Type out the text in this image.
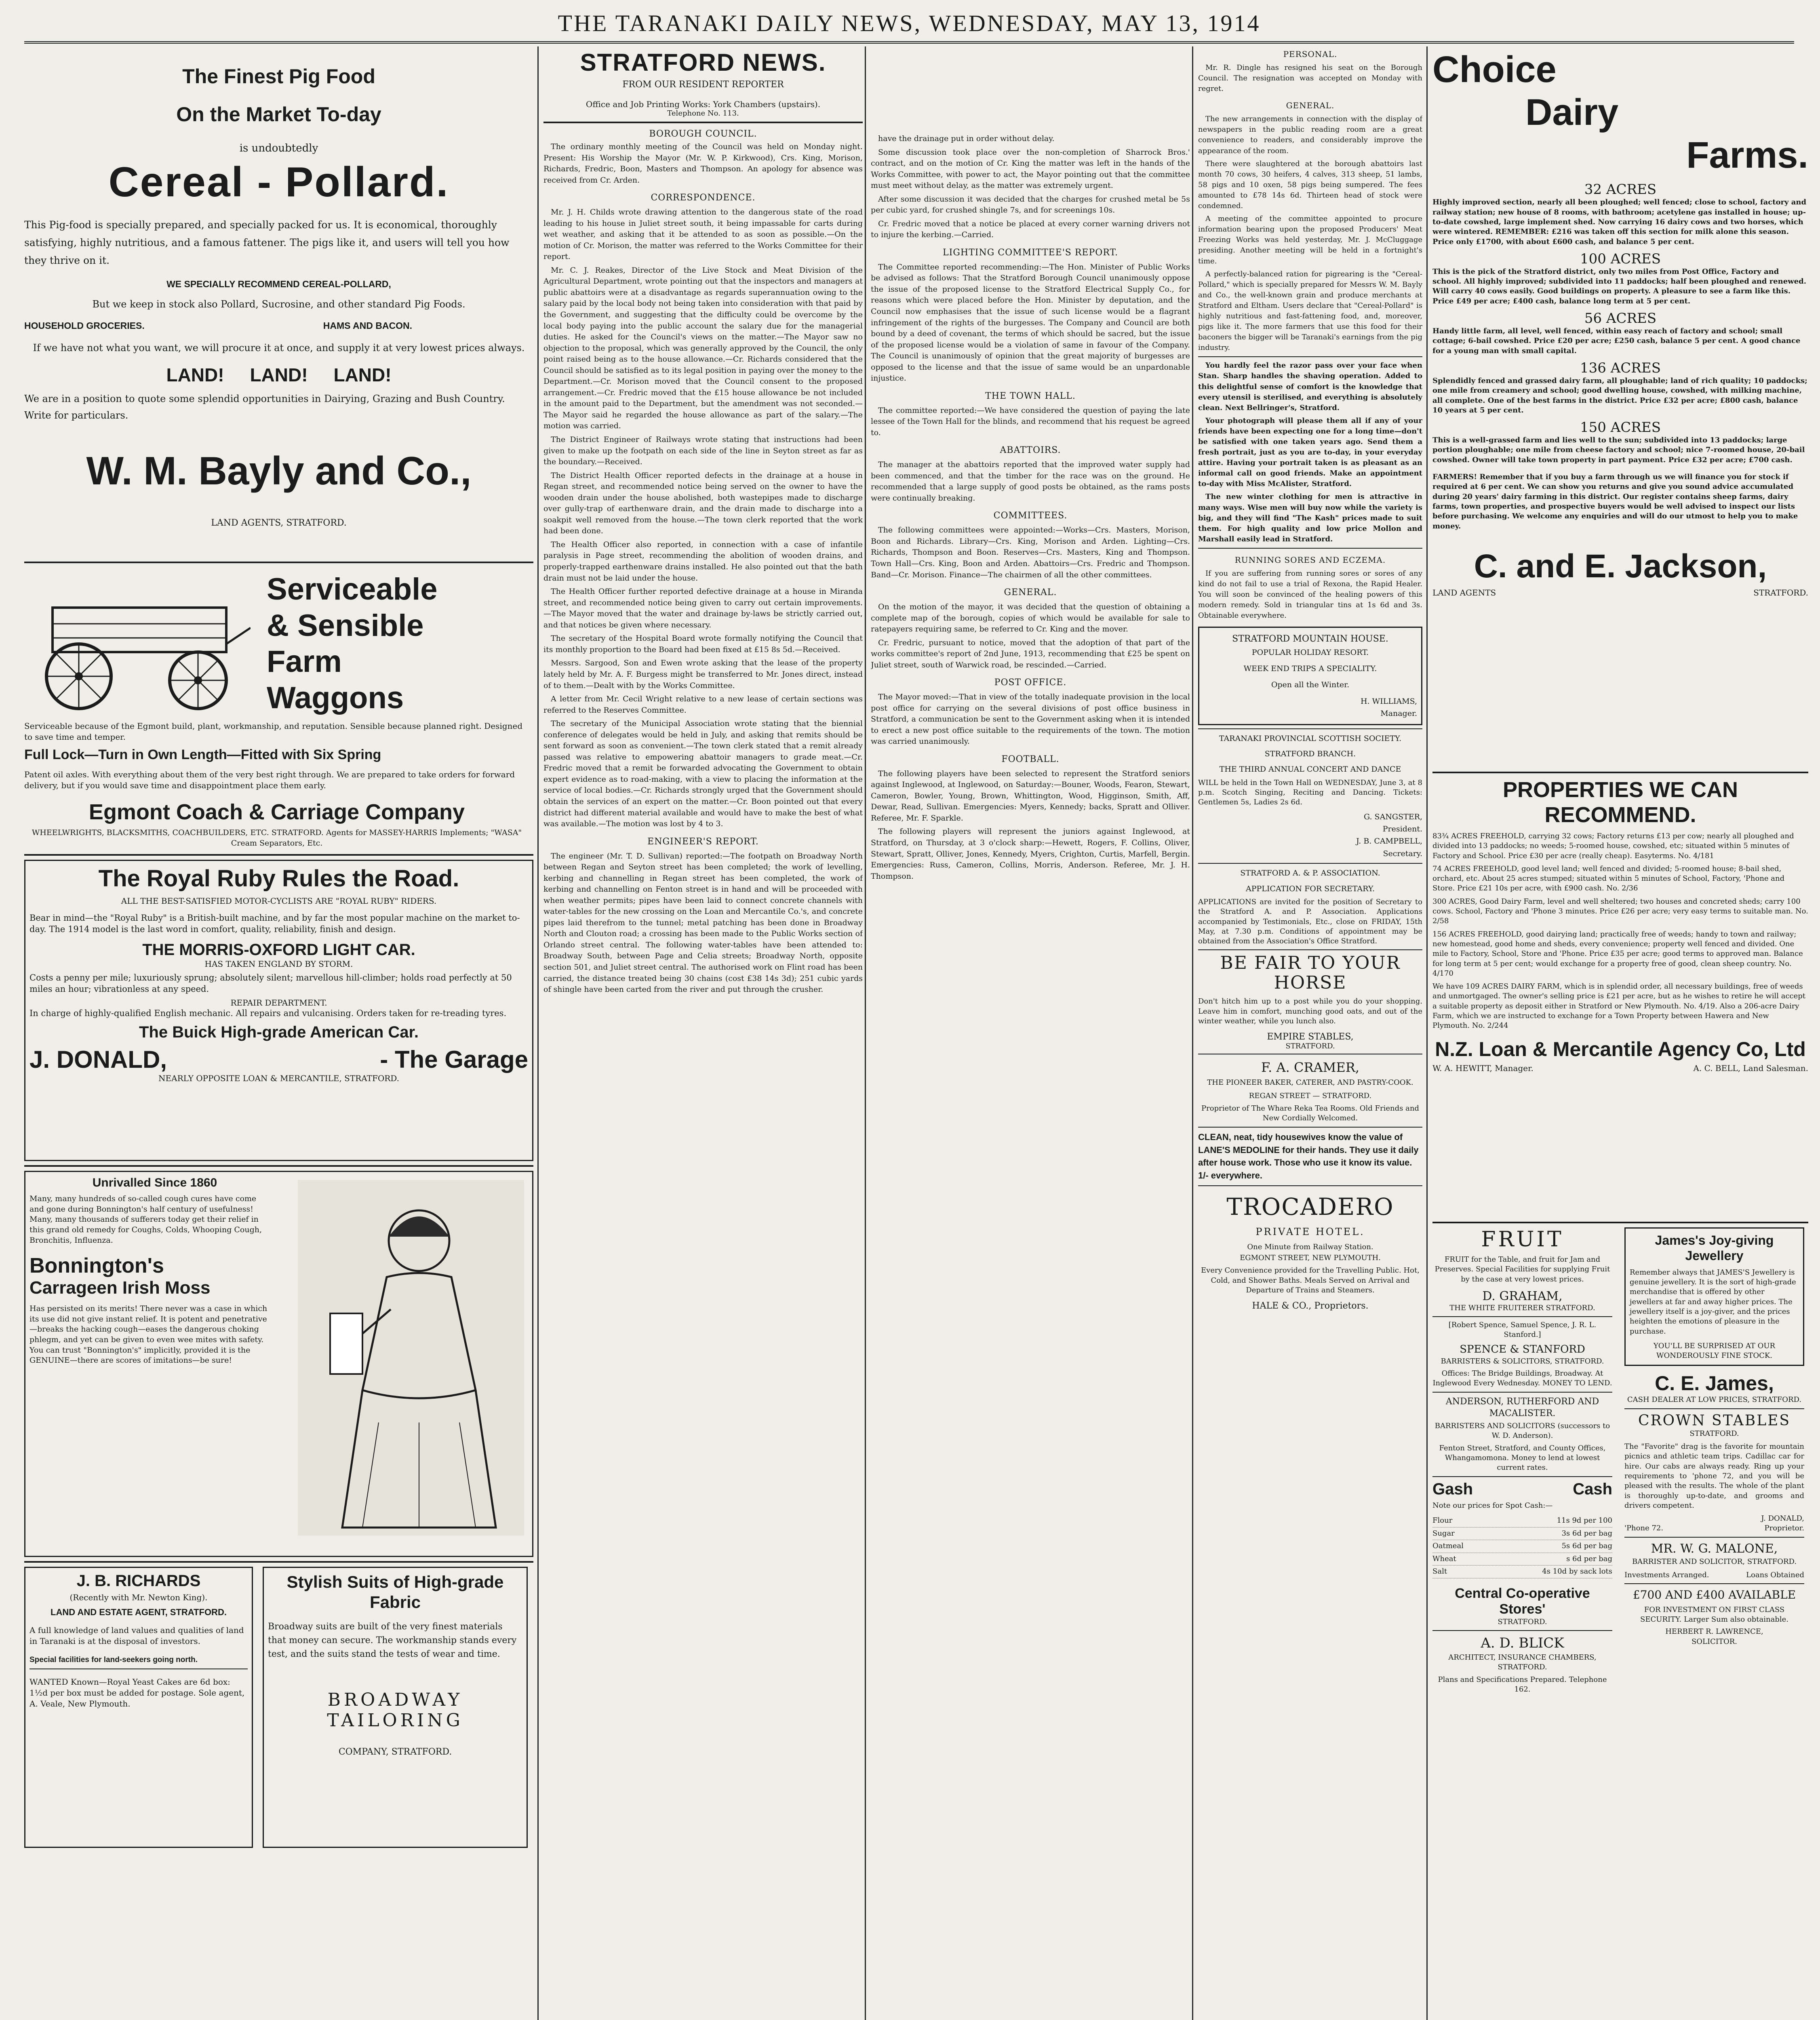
THE TARANAKI DAILY NEWS, WEDNESDAY, MAY 13, 1914
The Finest Pig Food
On the Market To-day
is undoubtedly
Cereal - Pollard.
This Pig-food is specially prepared, and specially packed for us. It is economical, thoroughly satisfying, highly nutritious, and a famous fattener. The pigs like it, and users will tell you how they thrive on it.
WE SPECIALLY RECOMMEND CEREAL-POLLARD,
But we keep in stock also Pollard, Sucrosine, and other standard Pig Foods.
HOUSEHOLD GROCERIES.	HAMS AND BACON.
If we have not what you want, we will procure it at once, and supply it at very lowest prices always.
LAND!     LAND!     LAND!
We are in a position to quote some splendid opportunities in Dairying, Grazing and Bush Country. Write for particulars.
W. M. Bayly and Co.,
LAND AGENTS, STRATFORD.
Serviceable
& Sensible
Farm
Waggons
Serviceable because of the Egmont build, plant, workmanship, and reputation. Sensible because planned right. Designed to save time and temper.
Full Lock—Turn in Own Length—Fitted with Six Spring
Patent oil axles. With everything about them of the very best right through. We are prepared to take orders for forward delivery, but if you would save time and disappointment place them early.
Egmont Coach & Carriage Company
WHEELWRIGHTS, BLACKSMITHS, COACHBUILDERS, ETC. STRATFORD. Agents for MASSEY-HARRIS Implements; "WASA" Cream Separators, Etc.
The Royal Ruby Rules the Road.
ALL THE BEST-SATISFIED MOTOR-CYCLISTS ARE "ROYAL RUBY" RIDERS.
Bear in mind—the "Royal Ruby" is a British-built machine, and by far the most popular machine on the market to-day. The 1914 model is the last word in comfort, quality, reliability, finish and design.
THE MORRIS-OXFORD LIGHT CAR.
HAS TAKEN ENGLAND BY STORM.
Costs a penny per mile; luxuriously sprung; absolutely silent; marvellous hill-climber; holds road perfectly at 50 miles an hour; vibrationless at any speed.
REPAIR DEPARTMENT.
In charge of highly-qualified English mechanic. All repairs and vulcanising. Orders taken for re-treading tyres.
The Buick High-grade American Car.
J. DONALD,	- The Garage
NEARLY OPPOSITE LOAN & MERCANTILE, STRATFORD.
Unrivalled Since 1860
Many, many hundreds of so-called cough cures have come and gone during Bonnington's half century of usefulness! Many, many thousands of sufferers today get their relief in this grand old remedy for Coughs, Colds, Whooping Cough, Bronchitis, Influenza.
Bonnington's
Carrageen Irish Moss
Has persisted on its merits! There never was a case in which its use did not give instant relief. It is potent and penetrative—breaks the hacking cough—eases the dangerous choking phlegm, and yet can be given to even wee mites with safety. You can trust "Bonnington's" implicitly, provided it is the GENUINE—there are scores of imitations—be sure!
J. B. RICHARDS
(Recently with Mr. Newton King).
LAND AND ESTATE AGENT, STRATFORD.
A full knowledge of land values and qualities of land in Taranaki is at the disposal of investors.
Special facilities for land-seekers going north.
WANTED Known—Royal Yeast Cakes are 6d box: 1½d per box must be added for postage. Sole agent, A. Veale, New Plymouth.
Stylish Suits of High-grade Fabric
Broadway suits are built of the very finest materials that money can secure. The workmanship stands every test, and the suits stand the tests of wear and time.
BROADWAY TAILORING
COMPANY, STRATFORD.
STRATFORD NEWS.
FROM OUR RESIDENT REPORTER
Office and Job Printing Works: York Chambers (upstairs).
Telephone No. 113.
BOROUGH COUNCIL.

The ordinary monthly meeting of the Council was held on Monday night. Present: His Worship the Mayor (Mr. W. P. Kirkwood), Crs. King, Morison, Richards, Fredric, Boon, Masters and Thompson. An apology for absence was received from Cr. Arden.

CORRESPONDENCE.

Mr. J. H. Childs wrote drawing attention to the dangerous state of the road leading to his house in Juliet street south, it being impassable for carts during wet weather, and asking that it be attended to as soon as possible.—On the motion of Cr. Morison, the matter was referred to the Works Committee for their report.

Mr. C. J. Reakes, Director of the Live Stock and Meat Division of the Agricultural Department, wrote pointing out that the inspectors and managers at public abattoirs were at a disadvantage as regards superannuation owing to the salary paid by the local body not being taken into consideration with that paid by the Government, and suggesting that the difficulty could be overcome by the local body paying into the public account the salary due for the managerial duties. He asked for the Council's views on the matter.—The Mayor saw no objection to the proposal, which was generally approved by the Council, the only point raised being as to the house allowance.—Cr. Richards considered that the Council should be satisfied as to its legal position in paying over the money to the Department.—Cr. Morison moved that the Council consent to the proposed arrangement.—Cr. Fredric moved that the £15 house allowance be not included in the amount paid to the Department, but the amendment was not seconded.—The Mayor said he regarded the house allowance as part of the salary.—The motion was carried.

The District Engineer of Railways wrote stating that instructions had been given to make up the footpath on each side of the line in Seyton street as far as the boundary.—Received.

The District Health Officer reported defects in the drainage at a house in Regan street, and recommended notice being served on the owner to have the wooden drain under the house abolished, both wastepipes made to discharge over gully-trap of earthenware drain, and the drain made to discharge into a soakpit well removed from the house.—The town clerk reported that the work had been done.

The Health Officer also reported, in connection with a case of infantile paralysis in Page street, recommending the abolition of wooden drains, and properly-trapped earthenware drains installed. He also pointed out that the bath drain must not be laid under the house.

The Health Officer further reported defective drainage at a house in Miranda street, and recommended notice being given to carry out certain improvements.—The Mayor moved that the water and drainage by-laws be strictly carried out, and that notices be given where necessary.

The secretary of the Hospital Board wrote formally notifying the Council that its monthly proportion to the Board had been fixed at £15 8s 5d.—Received.

Messrs. Sargood, Son and Ewen wrote asking that the lease of the property lately held by Mr. A. F. Burgess might be transferred to Mr. Jones direct, instead of to them.—Dealt with by the Works Committee.

A letter from Mr. Cecil Wright relative to a new lease of certain sections was referred to the Reserves Committee.

The secretary of the Municipal Association wrote stating that the biennial conference of delegates would be held in July, and asking that remits should be sent forward as soon as convenient.—The town clerk stated that a remit already passed was relative to empowering abattoir managers to grade meat.—Cr. Fredric moved that a remit be forwarded advocating the Government to obtain expert evidence as to road-making, with a view to placing the information at the service of local bodies.—Cr. Richards strongly urged that the Government should obtain the services of an expert on the matter.—Cr. Boon pointed out that every district had different material available and would have to make the best of what was available.—The motion was lost by 4 to 3.

ENGINEER'S REPORT.

The engineer (Mr. T. D. Sullivan) reported:—The footpath on Broadway North between Regan and Seyton street has been completed; the work of levelling, kerbing and channelling in Regan street has been completed, the work of kerbing and channelling on Fenton street is in hand and will be proceeded with when weather permits; pipes have been laid to connect concrete channels with water-tables for the new crossing on the Loan and Mercantile Co.'s, and concrete pipes laid therefrom to the tunnel; metal patching has been done in Broadway North and Clouton road; a crossing has been made to the Public Works section of Orlando street central. The following water-tables have been attended to: Broadway South, between Page and Celia streets; Broadway North, opposite section 501, and Juliet street central. The authorised work on Flint road has been carried, the distance treated being 30 chains (cost £38 14s 3d); 251 cubic yards of shingle have been carted from the river and put through the crusher.

have the drainage put in order without delay.

Some discussion took place over the non-completion of Sharrock Bros.' contract, and on the motion of Cr. King the matter was left in the hands of the Works Committee, with power to act, the Mayor pointing out that the committee must meet without delay, as the matter was extremely urgent.

After some discussion it was decided that the charges for crushed metal be 5s per cubic yard, for crushed shingle 7s, and for screenings 10s.

Cr. Fredric moved that a notice be placed at every corner warning drivers not to injure the kerbing.—Carried.

LIGHTING COMMITTEE'S REPORT.

The Committee reported recommending:—The Hon. Minister of Public Works be advised as follows: That the Stratford Borough Council unanimously oppose the issue of the proposed license to the Stratford Electrical Supply Co., for reasons which were placed before the Hon. Minister by deputation, and the Council now emphasises that the issue of such license would be a flagrant infringement of the rights of the burgesses. The Company and Council are both bound by a deed of covenant, the terms of which should be sacred, but the issue of the proposed license would be a violation of same in favour of the Company. The Council is unanimously of opinion that the great majority of burgesses are opposed to the license and that the issue of same would be an unpardonable injustice.

THE TOWN HALL.

The committee reported:—We have considered the question of paying the late lessee of the Town Hall for the blinds, and recommend that his request be agreed to.

ABATTOIRS.

The manager at the abattoirs reported that the improved water supply had been commenced, and that the timber for the race was on the ground. He recommended that a large supply of good posts be obtained, as the rams posts were continually breaking.

COMMITTEES.

The following committees were appointed:—Works—Crs. Masters, Morison, Boon and Richards. Library—Crs. King, Morison and Arden. Lighting—Crs. Richards, Thompson and Boon. Reserves—Crs. Masters, King and Thompson. Town Hall—Crs. King, Boon and Arden. Abattoirs—Crs. Fredric and Thompson. Band—Cr. Morison. Finance—The chairmen of all the other committees.

GENERAL.

On the motion of the mayor, it was decided that the question of obtaining a complete map of the borough, copies of which would be available for sale to ratepayers requiring same, be referred to Cr. King and the mover.

Cr. Fredric, pursuant to notice, moved that the adoption of that part of the works committee's report of 2nd June, 1913, recommending that £25 be spent on Juliet street, south of Warwick road, be rescinded.—Carried.

POST OFFICE.

The Mayor moved:—That in view of the totally inadequate provision in the local post office for carrying on the several divisions of post office business in Stratford, a communication be sent to the Government asking when it is intended to erect a new post office suitable to the requirements of the town. The motion was carried unanimously.

FOOTBALL.

The following players have been selected to represent the Stratford seniors against Inglewood, at Inglewood, on Saturday:—Bouner, Woods, Fearon, Stewart, Cameron, Bowler, Young, Brown, Whittington, Wood, Higginson, Smith, Aff, Dewar, Read, Sullivan. Emergencies: Myers, Kennedy; backs, Spratt and Olliver. Referee, Mr. F. Sparkle.

The following players will represent the juniors against Inglewood, at Stratford, on Thursday, at 3 o'clock sharp:—Hewett, Rogers, F. Collins, Oliver, Stewart, Spratt, Olliver, Jones, Kennedy, Myers, Crighton, Curtis, Marfell, Bergin. Emergencies: Russ, Cameron, Collins, Morris, Anderson. Referee, Mr. J. H. Thompson.

PERSONAL.

Mr. R. Dingle has resigned his seat on the Borough Council. The resignation was accepted on Monday with regret.

GENERAL.

The new arrangements in connection with the display of newspapers in the public reading room are a great convenience to readers, and considerably improve the appearance of the room.

There were slaughtered at the borough abattoirs last month 70 cows, 30 heifers, 4 calves, 313 sheep, 51 lambs, 58 pigs and 10 oxen, 58 pigs being sumpered. The fees amounted to £78 14s 6d. Thirteen head of stock were condemned.

A meeting of the committee appointed to procure information bearing upon the proposed Producers' Meat Freezing Works was held yesterday, Mr. J. McCluggage presiding. Another meeting will be held in a fortnight's time.

A perfectly-balanced ration for pigrearing is the "Cereal-Pollard," which is specially prepared for Messrs W. M. Bayly and Co., the well-known grain and produce merchants at Stratford and Eltham. Users declare that "Cereal-Pollard" is highly nutritious and fast-fattening food, and, moreover, pigs like it. The more farmers that use this food for their baconers the bigger will be Taranaki's earnings from the pig industry.

You hardly feel the razor pass over your face when Stan. Sharp handles the shaving operation. Added to this delightful sense of comfort is the knowledge that every utensil is sterilised, and everything is absolutely clean. Next Bellringer's, Stratford.

Your photograph will please them all if any of your friends have been expecting one for a long time—don't be satisfied with one taken years ago. Send them a fresh portrait, just as you are to-day, in your everyday attire. Having your portrait taken is as pleasant as an informal call on good friends. Make an appointment to-day with Miss McAlister, Stratford.

The new winter clothing for men is attractive in many ways. Wise men will buy now while the variety is big, and they will find "The Kash" prices made to suit them. For high quality and low price Mollon and Marshall easily lead in Stratford.

RUNNING SORES AND ECZEMA.

If you are suffering from running sores or sores of any kind do not fail to use a trial of Rexona, the Rapid Healer. You will soon be convinced of the healing powers of this modern remedy. Sold in triangular tins at 1s 6d and 3s. Obtainable everywhere.

STRATFORD MOUNTAIN HOUSE.
POPULAR HOLIDAY RESORT.
WEEK END TRIPS A SPECIALITY.
Open all the Winter.
H. WILLIAMS,
Manager.
TARANAKI PROVINCIAL SCOTTISH SOCIETY.
STRATFORD BRANCH.
THE THIRD ANNUAL CONCERT AND DANCE
WILL be held in the Town Hall on WEDNESDAY, June 3, at 8 p.m. Scotch Singing, Reciting and Dancing. Tickets: Gentlemen 5s, Ladies 2s 6d.
G. SANGSTER,
President.
J. B. CAMPBELL,
Secretary.
STRATFORD A. & P. ASSOCIATION.
APPLICATION FOR SECRETARY.
APPLICATIONS are invited for the position of Secretary to the Stratford A. and P. Association. Applications accompanied by Testimonials, Etc., close on FRIDAY, 15th May, at 7.30 p.m. Conditions of appointment may be obtained from the Association's Office Stratford.
BE FAIR TO YOUR HORSE
Don't hitch him up to a post while you do your shopping. Leave him in comfort, munching good oats, and out of the winter weather, while you lunch also.
EMPIRE STABLES,
STRATFORD.
F. A. CRAMER,
THE PIONEER BAKER, CATERER, AND PASTRY-COOK.
REGAN STREET — STRATFORD.
Proprietor of The Whare Reka Tea Rooms. Old Friends and New Cordially Welcomed.
CLEAN, neat, tidy housewives know the value of LANE'S MEDOLINE for their hands. They use it daily after house work. Those who use it know its value. 1/- everywhere.
TROCADERO
PRIVATE HOTEL.
One Minute from Railway Station.
EGMONT STREET, NEW PLYMOUTH.
Every Convenience provided for the Travelling Public. Hot, Cold, and Shower Baths. Meals Served on Arrival and Departure of Trains and Steamers.
HALE & CO., Proprietors.
Choice
Dairy
Farms.
32 ACRES
Highly improved section, nearly all been ploughed; well fenced; close to school, factory and railway station; new house of 8 rooms, with bathroom; acetylene gas installed in house; up-to-date cowshed, large implement shed. Now carrying 16 dairy cows and two horses, which were wintered. REMEMBER: £216 was taken off this section for milk alone this season. Price only £1700, with about £600 cash, and balance 5 per cent.
100 ACRES
This is the pick of the Stratford district, only two miles from Post Office, Factory and school. All highly improved; subdivided into 11 paddocks; half been ploughed and renewed. Will carry 40 cows easily. Good buildings on property. A pleasure to see a farm like this. Price £49 per acre; £400 cash, balance long term at 5 per cent.
56 ACRES
Handy little farm, all level, well fenced, within easy reach of factory and school; small cottage; 6-bail cowshed. Price £20 per acre; £250 cash, balance 5 per cent. A good chance for a young man with small capital.
136 ACRES
Splendidly fenced and grassed dairy farm, all ploughable; land of rich quality; 10 paddocks; one mile from creamery and school; good dwelling house, cowshed, with milking machine, all complete. One of the best farms in the district. Price £32 per acre; £800 cash, balance 10 years at 5 per cent.
150 ACRES
This is a well-grassed farm and lies well to the sun; subdivided into 13 paddocks; large portion ploughable; one mile from cheese factory and school; nice 7-roomed house, 20-bail cowshed. Owner will take town property in part payment. Price £32 per acre; £700 cash.
FARMERS! Remember that if you buy a farm through us we will finance you for stock if required at 6 per cent. We can show you returns and give you sound advice accumulated during 20 years' dairy farming in this district. Our register contains sheep farms, dairy farms, town properties, and prospective buyers would be well advised to inspect our lists before purchasing. We welcome any enquiries and will do our utmost to help you to make money.
C. and E. Jackson,
LAND AGENTS	STRATFORD.
PROPERTIES WE CAN RECOMMEND.
83¾ ACRES FREEHOLD, carrying 32 cows; Factory returns £13 per cow; nearly all ploughed and divided into 13 paddocks; no weeds; 5-roomed house, cowshed, etc; situated within 5 minutes of Factory and School. Price £30 per acre (really cheap). Easyterms. No. 4/181
74 ACRES FREEHOLD, good level land; well fenced and divided; 5-roomed house; 8-bail shed, orchard, etc. About 25 acres stumped; situated within 5 minutes of School, Factory, 'Phone and Store. Price £21 10s per acre, with £900 cash. No. 2/36
300 ACRES, Good Dairy Farm, level and well sheltered; two houses and concreted sheds; carry 100 cows. School, Factory and 'Phone 3 minutes. Price £26 per acre; very easy terms to suitable man. No. 2/58
156 ACRES FREEHOLD, good dairying land; practically free of weeds; handy to town and railway; new homestead, good home and sheds, every convenience; property well fenced and divided. One mile to Factory, School, Store and 'Phone. Price £35 per acre; good terms to approved man. Balance for long term at 5 per cent; would exchange for a property free of good, clean sheep country. No. 4/170
We have 109 ACRES DAIRY FARM, which is in splendid order, all necessary buildings, free of weeds and unmortgaged. The owner's selling price is £21 per acre, but as he wishes to retire he will accept a suitable property as deposit either in Stratford or New Plymouth. No. 4/19. Also a 206-acre Dairy Farm, which we are instructed to exchange for a Town Property between Hawera and New Plymouth. No. 2/244
N.Z. Loan & Mercantile Agency Co, Ltd
W. A. HEWITT, Manager.	A. C. BELL, Land Salesman.
FRUIT
FRUIT for the Table, and fruit for Jam and Preserves. Special Facilities for supplying Fruit by the case at very lowest prices.
D. GRAHAM,
THE WHITE FRUITERER STRATFORD.
[Robert Spence, Samuel Spence, J. R. L. Stanford.]
SPENCE & STANFORD
BARRISTERS & SOLICITORS, STRATFORD.
Offices: The Bridge Buildings, Broadway. At Inglewood Every Wednesday. MONEY TO LEND.
ANDERSON, RUTHERFORD AND MACALISTER.
BARRISTERS AND SOLICITORS (successors to W. D. Anderson).
Fenton Street, Stratford, and County Offices, Whangamomona. Money to lend at lowest current rates.
Gash	Cash
Note our prices for Spot Cash:—
Flour	11s 9d per 100
Sugar	3s 6d per bag
Oatmeal	5s 6d per bag
Wheat	s 6d per bag
Salt	4s 10d by sack lots
Central Co-operative Stores'
STRATFORD.
A. D. BLICK
ARCHITECT, INSURANCE CHAMBERS, STRATFORD.
Plans and Specifications Prepared. Telephone 162.
James's Joy-giving Jewellery
Remember always that JAMES'S Jewellery is genuine jewellery. It is the sort of high-grade merchandise that is offered by other jewellers at far and away higher prices. The jewellery itself is a joy-giver, and the prices heighten the emotions of pleasure in the purchase.
YOU'LL BE SURPRISED AT OUR WONDEROUSLY FINE STOCK.
C. E. James,
CASH DEALER AT LOW PRICES, STRATFORD.
CROWN STABLES
STRATFORD.
The "Favorite" drag is the favorite for mountain picnics and athletic team trips. Cadillac car for hire. Our cabs are always ready. Ring up your requirements to 'phone 72, and you will be pleased with the results. The whole of the plant is thoroughly up-to-date, and grooms and drivers competent.
J. DONALD,
'Phone 72.	Proprietor.
MR. W. G. MALONE,
BARRISTER AND SOLICITOR, STRATFORD.
Investments Arranged.	Loans Obtained
£700 AND £400 AVAILABLE
FOR INVESTMENT ON FIRST CLASS SECURITY. Larger Sum also obtainable.
HERBERT R. LAWRENCE,
SOLICITOR.
